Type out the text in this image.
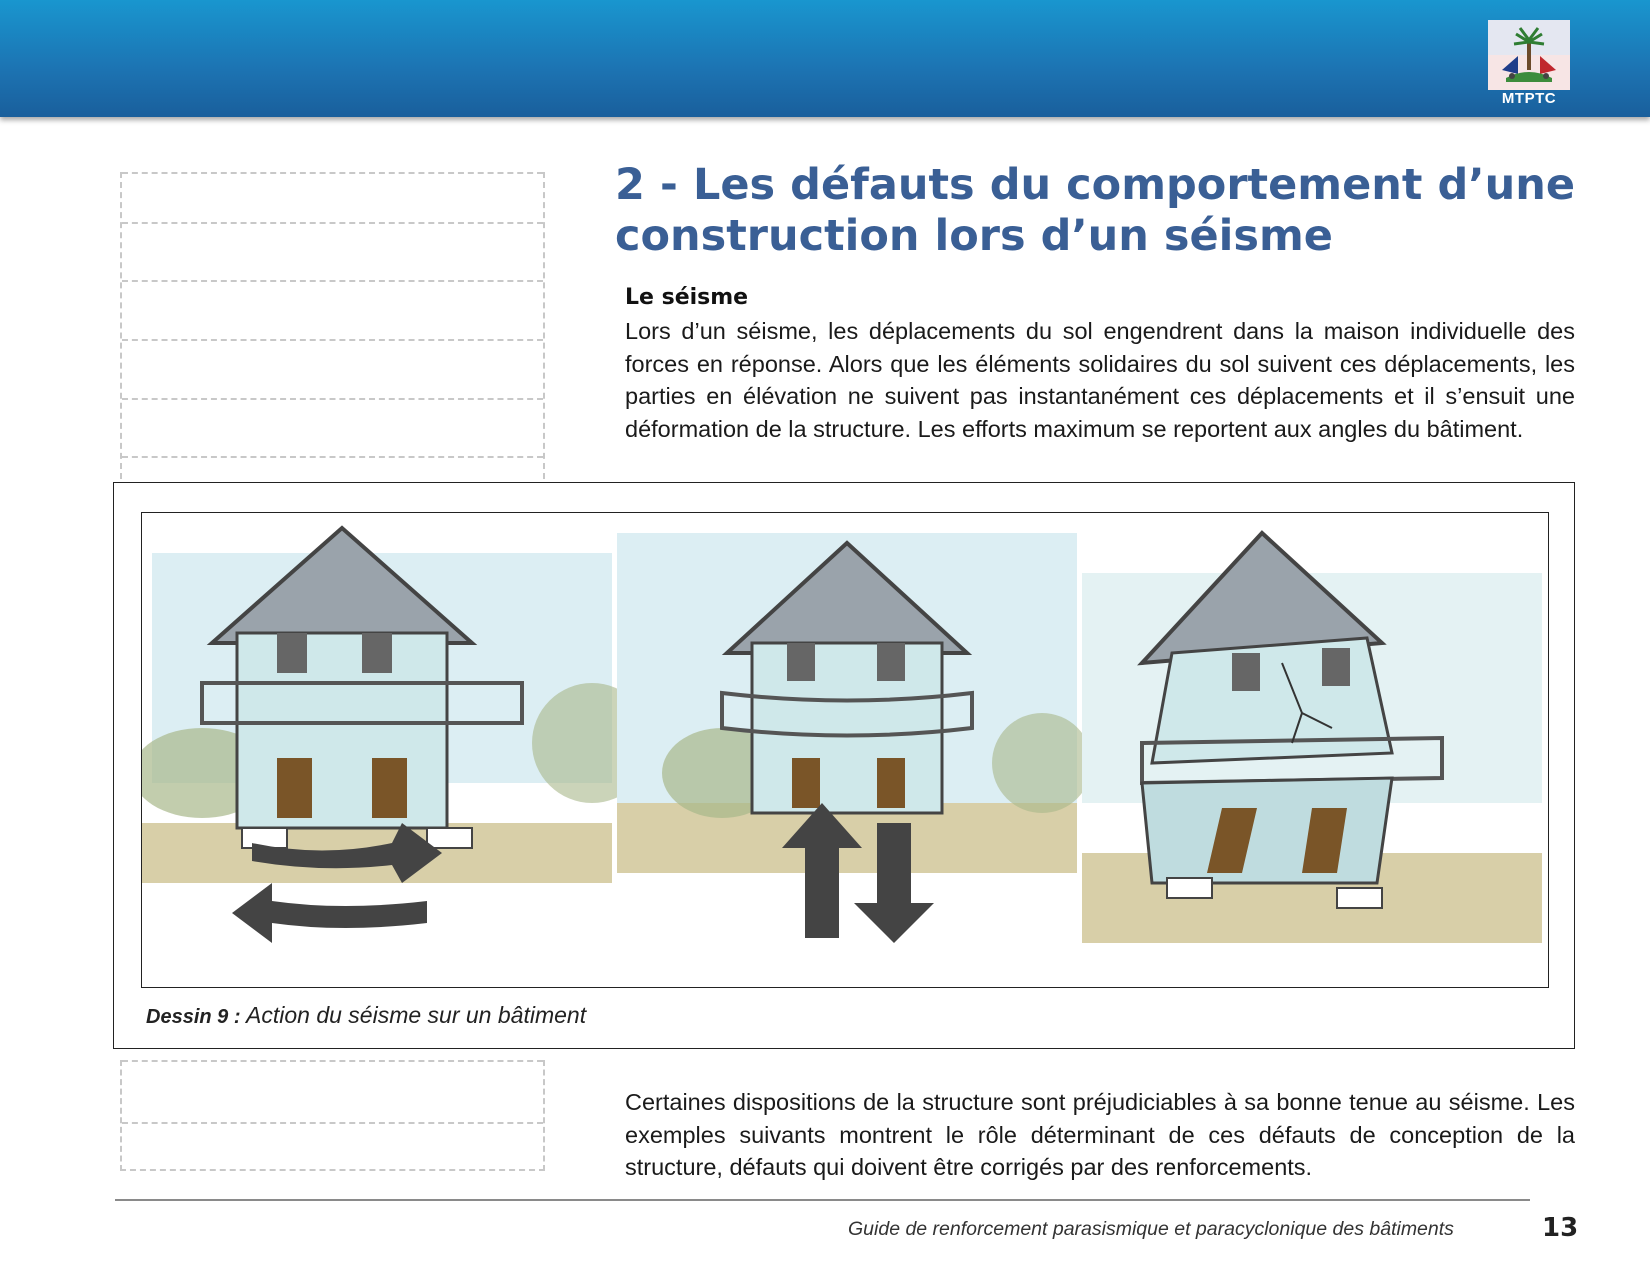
MTPTC
2 - Les défauts du comportement d’une construction lors d’un séisme
Le séisme

Lors d’un séisme, les déplacements du sol engendrent dans la maison individuelle des forces en réponse. Alors que les éléments solidaires du sol suivent ces déplacements, les parties en élévation ne suivent pas instantanément ces déplacements et il s’ensuit une déformation de la structure. Les efforts maximum se reportent aux angles du bâtiment.

Dessin 9 : Action du séisme sur un bâtiment

Certaines dispositions de la structure sont préjudiciables à sa bonne tenue au séisme. Les exemples suivants montrent le rôle déterminant de ces défauts de conception de la structure, défauts qui doivent être corrigés par des renforcements.

Guide de renforcement parasismique et paracyclonique des bâtiments	13
